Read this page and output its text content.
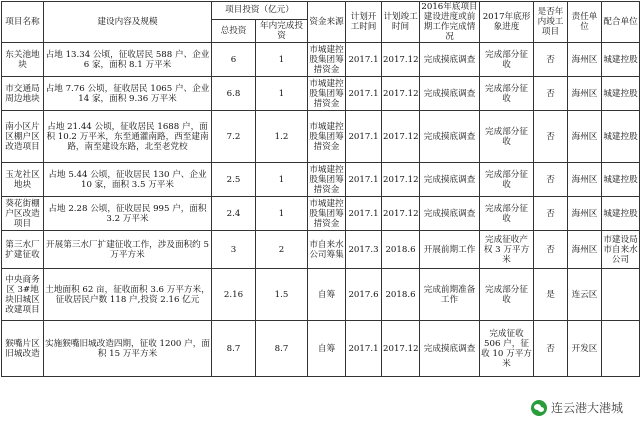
项目名称	建设内容及规模	项目投资（亿元）		资金来源	计划开工时间	计划竣工时间	2016年底项目建设进度或前期工作完成情况	2017年底形象进度	是否年内竣工项目	责任单位	配合单位
		总投资	年内完成投资								
东关池地块	占地 13.34 公顷，征收居民 588 户、企业 6 家，面积 8.1 万平米	6	1	市城建控股集团筹措资金	2017.1	2017.12	完成摸底调查	完成部分征收	否	海州区	城建控股
市交通局周边地块	占地 7.76 公顷，征收居民 1065 户、企业 14 家，面积 9.36 万平米	6.8	1	市城建控股集团筹措资金	2017.1	2017.12	完成摸底调查	完成部分征收	否	海州区	城建控股
南小区片区棚户区改造项目	占地 21.44 公顷，征收居民 1688 户，面积 10.2 万平米，东至通灌南路，西至建南路，南至建设东路，北至老党校	7.2	1.2	市城建控股集团筹措资金	2017.1	2017.12	完成摸底调查	完成部分征收	否	海州区	城建控股
玉龙社区地块	占地 5.44 公顷，征收居民 130 户、企业 10 家，面积 3.5 万平米	2.5	1	市城建控股集团筹措资金	2017.1	2017.12	完成摸底调查	完成部分征收	否	海州区	城建控股
葵花街棚户区改造项目	占地 2.28 公顷，征收居民 995 户，面积 3.2 万平米	2.4	1	市城建控股集团筹措资金	2017.1	2017.12	完成摸底调查	完成部分征收	否	海州区	城建控股
第三水厂扩建征收	开展第三水厂扩建征收工作，涉及面积约 5 万平方米	3	2	市自来水公司筹集	2017.3	2018.6	开展前期工作	完成征收产权 3 万平方米	否	海州区	市建设局市自来水公司
中央商务区 3#地块旧城区改建项目	土地面积 62 亩，征收面积 3.6 万平方米，征收居民户数 118 户,投资 2.16 亿元	2.16	1.5	自筹	2017.6	2018.6	完成前期准备工作	完成部分征收	是	连云区	
猴嘴片区旧城改造	实施猴嘴旧城改造四期，征收 1200 户，面积 15 万平方米	8.7	8.7	自筹	2017.1	2017.12	完成摸底调查	完成征收 506 户，征收 10 万平方米	否	开发区	
连云港大港城
